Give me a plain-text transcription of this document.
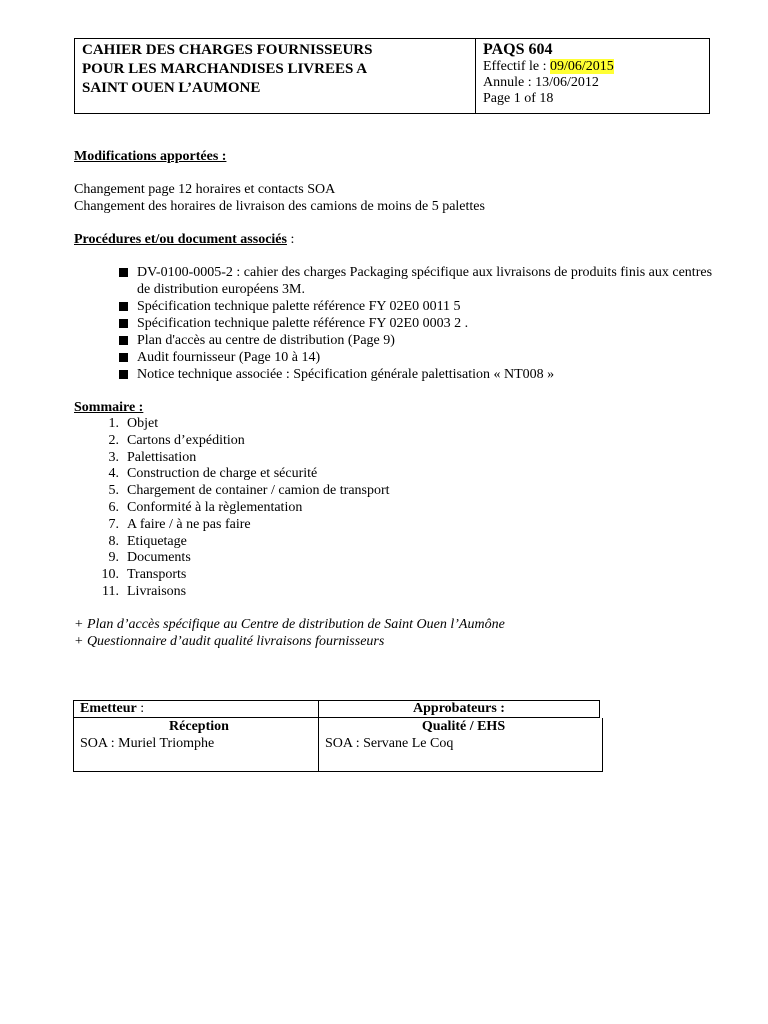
CAHIER DES CHARGES FOURNISSEURS
POUR LES MARCHANDISES LIVREES A
SAINT OUEN L’AUMONE
PAQS 604
Effectif le : 09/06/2015
Annule : 13/06/2012
Page 1 of 18
Modifications apportées :
Changement page 12 horaires et contacts SOA
Changement des horaires de livraison des camions de moins de 5 palettes
Procédures et/ou document associés :
DV-0100-0005-2 : cahier des charges Packaging spécifique aux livraisons de produits finis aux centres de distribution européens 3M.
Spécification technique palette référence FY 02E0 0011 5
Spécification technique palette référence FY 02E0 0003 2 .
Plan d'accès au centre de distribution (Page 9)
Audit fournisseur (Page 10 à 14)
Notice technique associée : Spécification générale palettisation « NT008 »
Sommaire :
1. Objet
2. Cartons d’expédition
3. Palettisation
4. Construction de charge et sécurité
5. Chargement de container / camion de transport
6. Conformité à la règlementation
7. A faire / à ne pas faire
8. Etiquetage
9. Documents
10. Transports
11. Livraisons
+ Plan d’accès spécifique au Centre de distribution de Saint Ouen l’Aumône
+ Questionnaire d’audit qualité livraisons fournisseurs
Emetteur :	Approbateurs :
Réception
SOA : Muriel Triomphe
Qualité / EHS
SOA : Servane Le Coq
